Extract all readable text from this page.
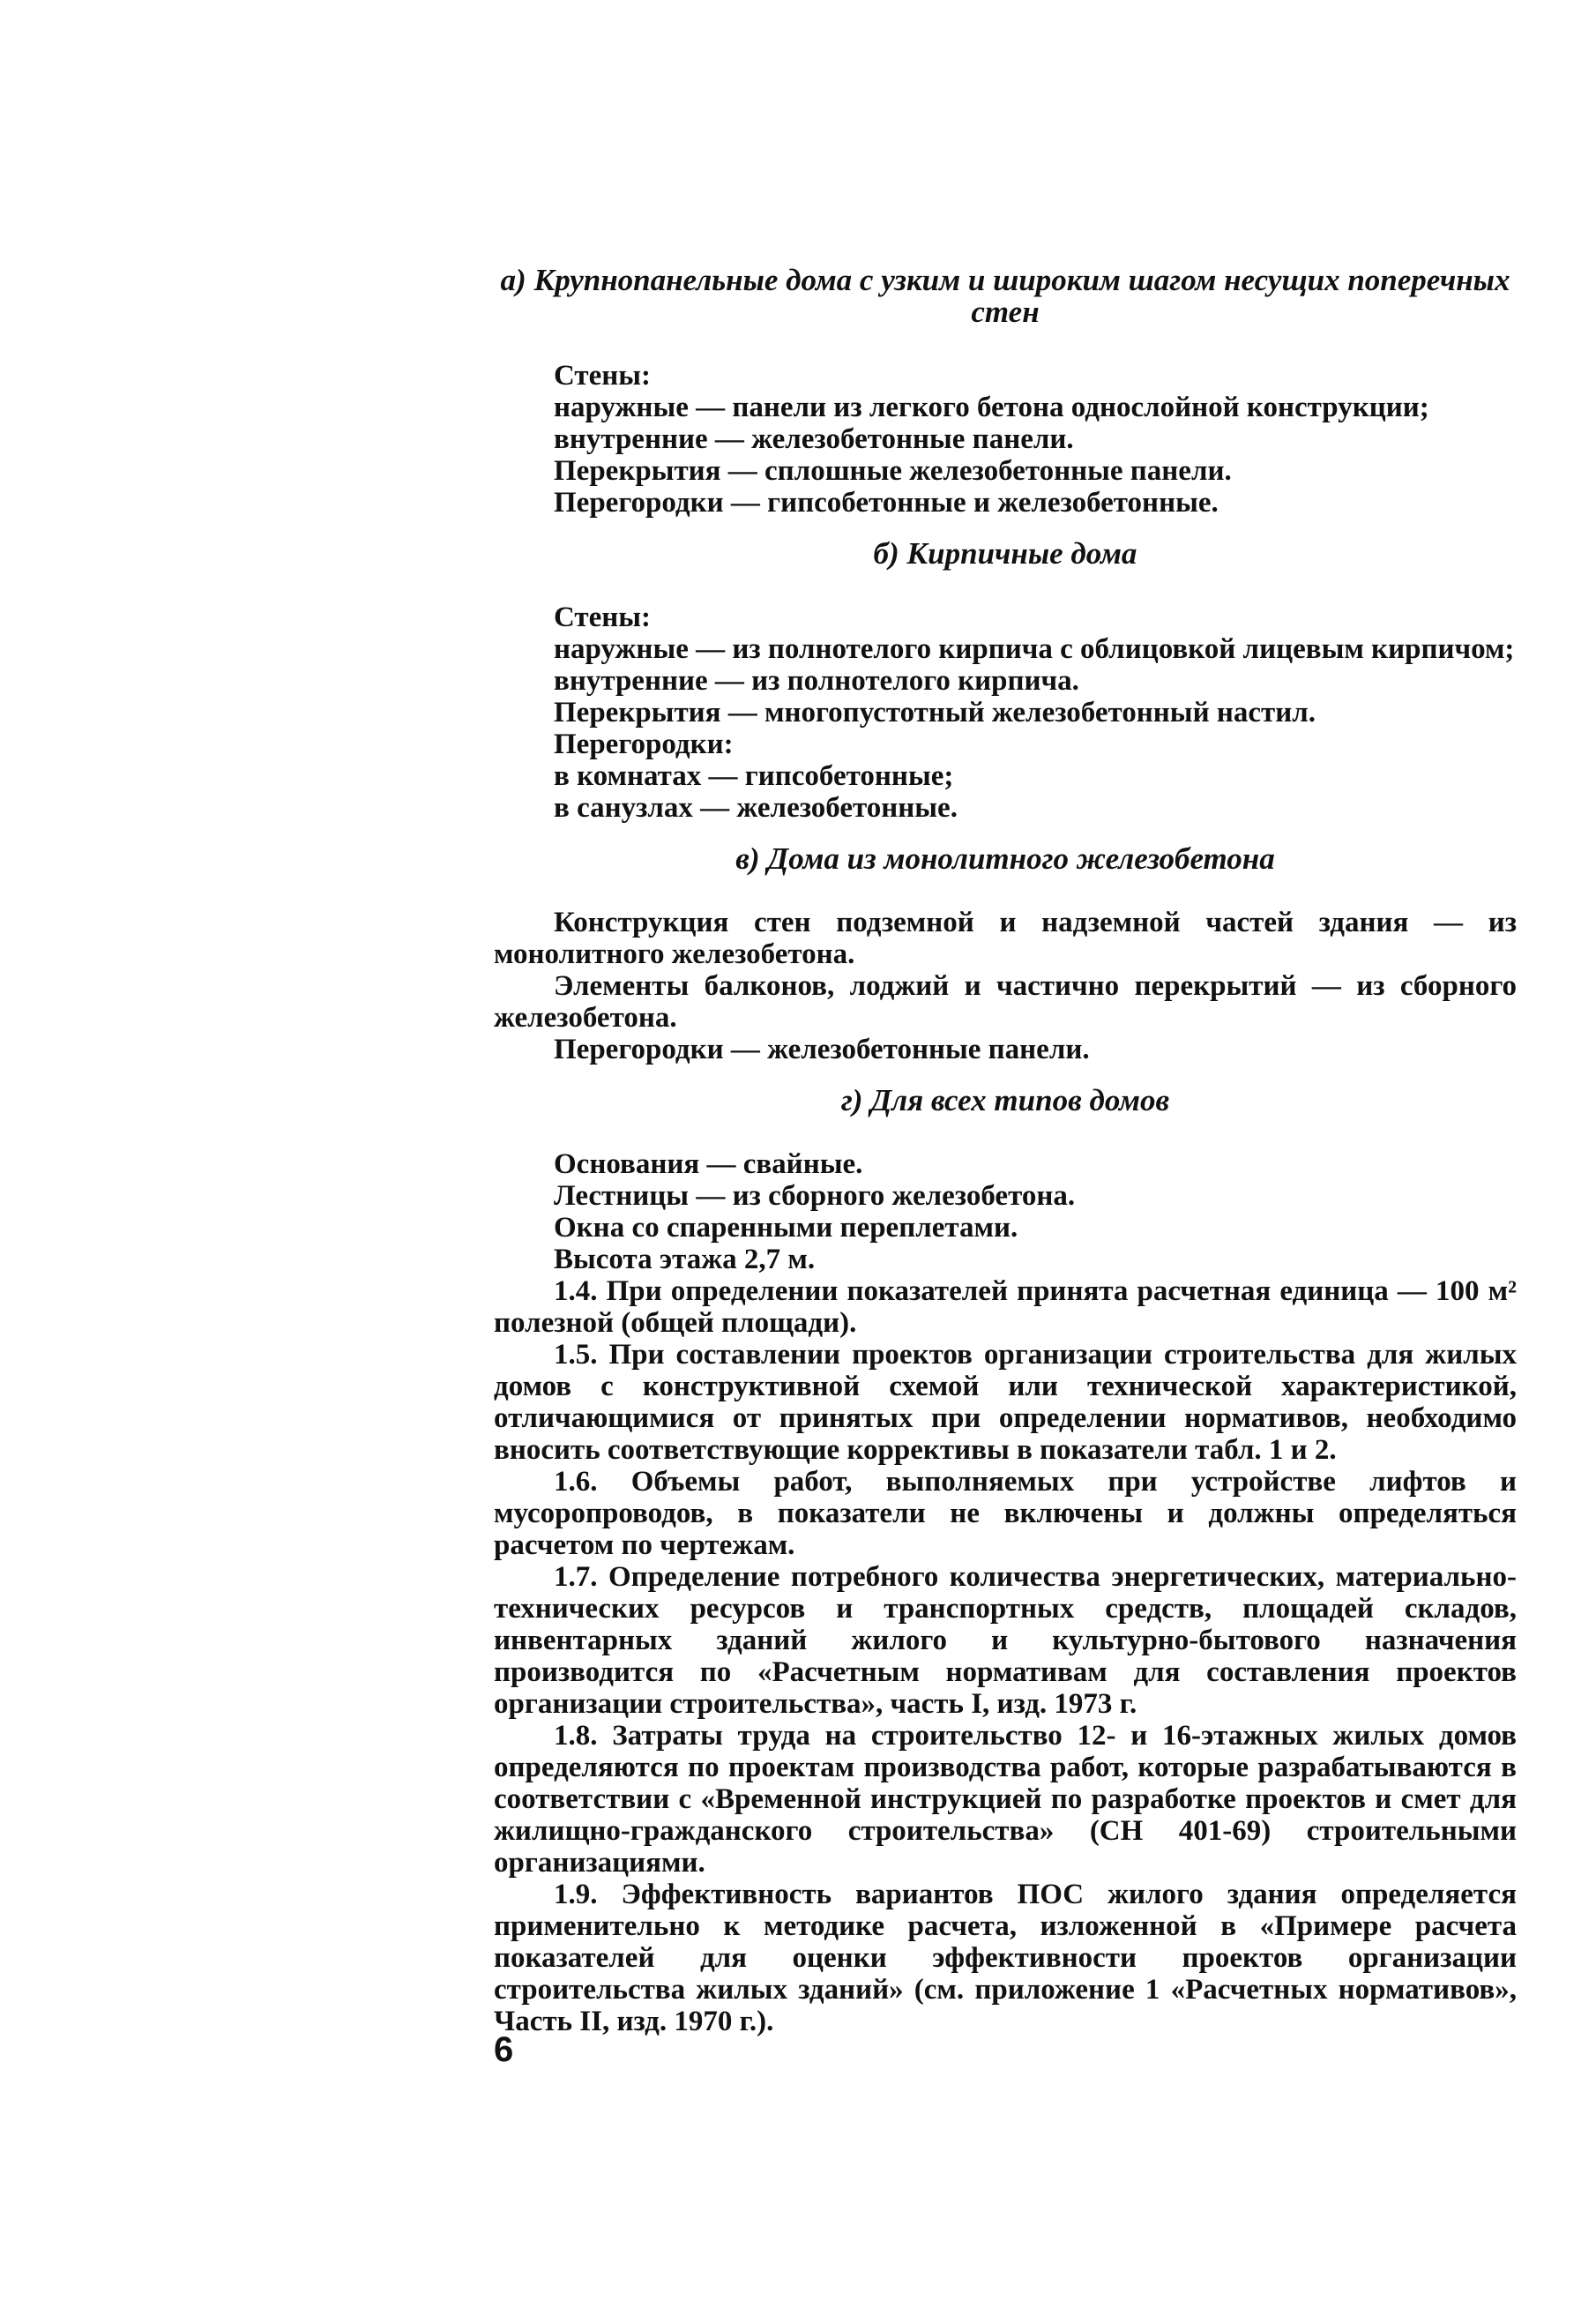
а) Крупнопанельные дома с узким и широким шагом несущих поперечных стен

Стены:

наружные — панели из легкого бетона однослойной конструкции;

внутренние — железобетонные панели.

Перекрытия — сплошные железобетонные панели.

Перегородки — гипсобетонные и железобетонные.

б) Кирпичные дома

Стены:

наружные — из полнотелого кирпича с облицовкой лицевым кирпичом;

внутренние — из полнотелого кирпича.

Перекрытия — многопустотный железобетонный настил.

Перегородки:

в комнатах — гипсобетонные;

в санузлах — железобетонные.

в) Дома из монолитного железобетона

Конструкция стен подземной и надземной частей здания — из монолитного железобетона.

Элементы балконов, лоджий и частично перекрытий — из сборного железобетона.

Перегородки — железобетонные панели.

г) Для всех типов домов

Основания — свайные.

Лестницы — из сборного железобетона.

Окна со спаренными переплетами.

Высота этажа 2,7 м.

1.4. При определении показателей принята расчетная единица — 100 м² полезной (общей площади).

1.5. При составлении проектов организации строительства для жилых домов с конструктивной схемой или технической характеристикой, отличающимися от принятых при определении нормативов, необходимо вносить соответствующие коррективы в показатели табл. 1 и 2.

1.6. Объемы работ, выполняемых при устройстве лифтов и мусоропроводов, в показатели не включены и должны определяться расчетом по чертежам.

1.7. Определение потребного количества энергетических, материально-технических ресурсов и транспортных средств, площадей складов, инвентарных зданий жилого и культурно-бытового назначения производится по «Расчетным нормативам для составления проектов организации строительства», часть I, изд. 1973 г.

1.8. Затраты труда на строительство 12- и 16-этажных жилых домов определяются по проектам производства работ, которые разрабатываются в соответствии с «Временной инструкцией по разработке проектов и смет для жилищно-гражданского строительства» (СН 401-69) строительными организациями.

1.9. Эффективность вариантов ПОС жилого здания определяется применительно к методике расчета, изложенной в «Примере расчета показателей для оценки эффективности проектов организации строительства жилых зданий» (см. приложение 1 «Расчетных нормативов», Часть II, изд. 1970 г.).

6
